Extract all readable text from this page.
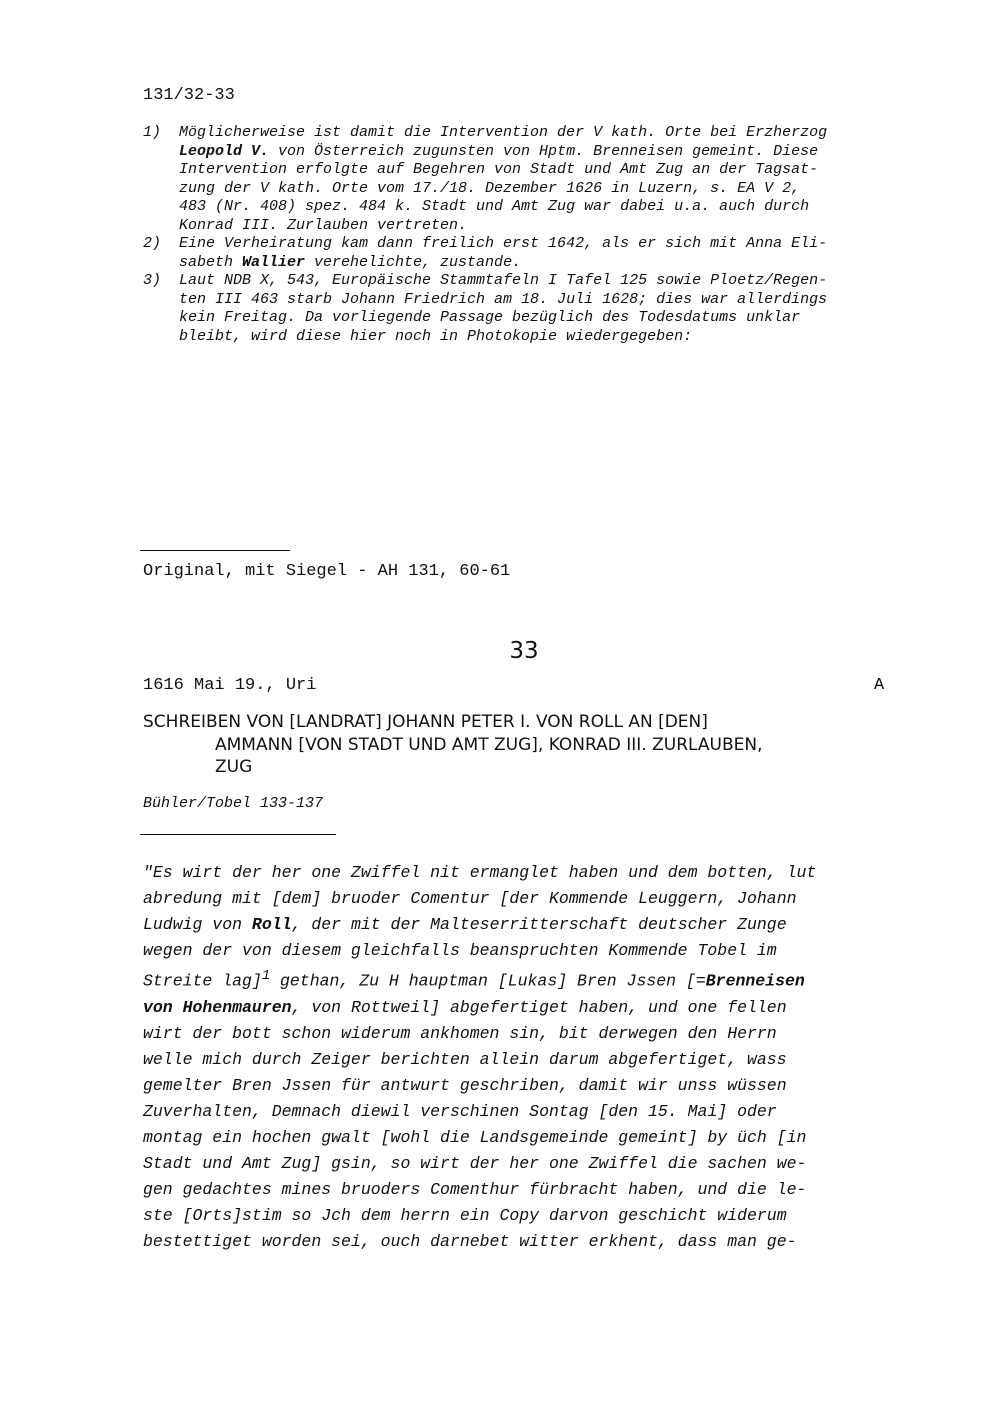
131/32-33
1)	Möglicherweise ist damit die Intervention der V kath. Orte bei Erzherzog
Leopold V. von Österreich zugunsten von Hptm. Brenneisen gemeint. Diese
Intervention erfolgte auf Begehren von Stadt und Amt Zug an der Tagsat-
zung der V kath. Orte vom 17./18. Dezember 1626 in Luzern, s. EA V 2,
483 (Nr. 408) spez. 484 k. Stadt und Amt Zug war dabei u.a. auch durch
Konrad III. Zurlauben vertreten.
2)	Eine Verheiratung kam dann freilich erst 1642, als er sich mit Anna Eli-
sabeth Wallier verehelichte, zustande.
3)	Laut NDB X, 543, Europäische Stammtafeln I Tafel 125 sowie Ploetz/Regen-
ten III 463 starb Johann Friedrich am 18. Juli 1628; dies war allerdings
kein Freitag. Da vorliegende Passage bezüglich des Todesdatums unklar
bleibt, wird diese hier noch in Photokopie wiedergegeben:
Original, mit Siegel - AH 131, 60-61
33
1616 Mai 19., Uri	A
SCHREIBEN VON [LANDRAT] JOHANN PETER I. VON ROLL AN [DEN]
AMMANN [VON STADT UND AMT ZUG], KONRAD III. ZURLAUBEN,
ZUG
Bühler/Tobel 133-137
"Es wirt der her one Zwiffel nit ermanglet haben und dem botten, lut
abredung mit [dem] bruoder Comentur [der Kommende Leuggern, Johann
Ludwig von Roll, der mit der Malteserritterschaft deutscher Zunge
wegen der von diesem gleichfalls beanspruchten Kommende Tobel im
Streite lag]$^1$ gethan, Zu H hauptman [Lukas] Bren Jssen [=Brenneisen
von Hohenmauren, von Rottweil] abgefertiget haben, und one fellen
wirt der bott schon widerum ankhomen sin, bit derwegen den Herrn
welle mich durch Zeiger berichten allein darum abgefertiget, wass
gemelter Bren Jssen für antwurt geschriben, damit wir unss wüssen
Zuverhalten, Demnach diewil verschinen Sontag [den 15. Mai] oder
montag ein hochen gwalt [wohl die Landsgemeinde gemeint] by üch [in
Stadt und Amt Zug] gsin, so wirt der her one Zwiffel die sachen we-
gen gedachtes mines bruoders Comenthur fürbracht haben, und die le-
ste [Orts]stim so Jch dem herrn ein Copy darvon geschicht widerum
bestettiget worden sei, ouch darnebet witter erkhent, dass man ge-
